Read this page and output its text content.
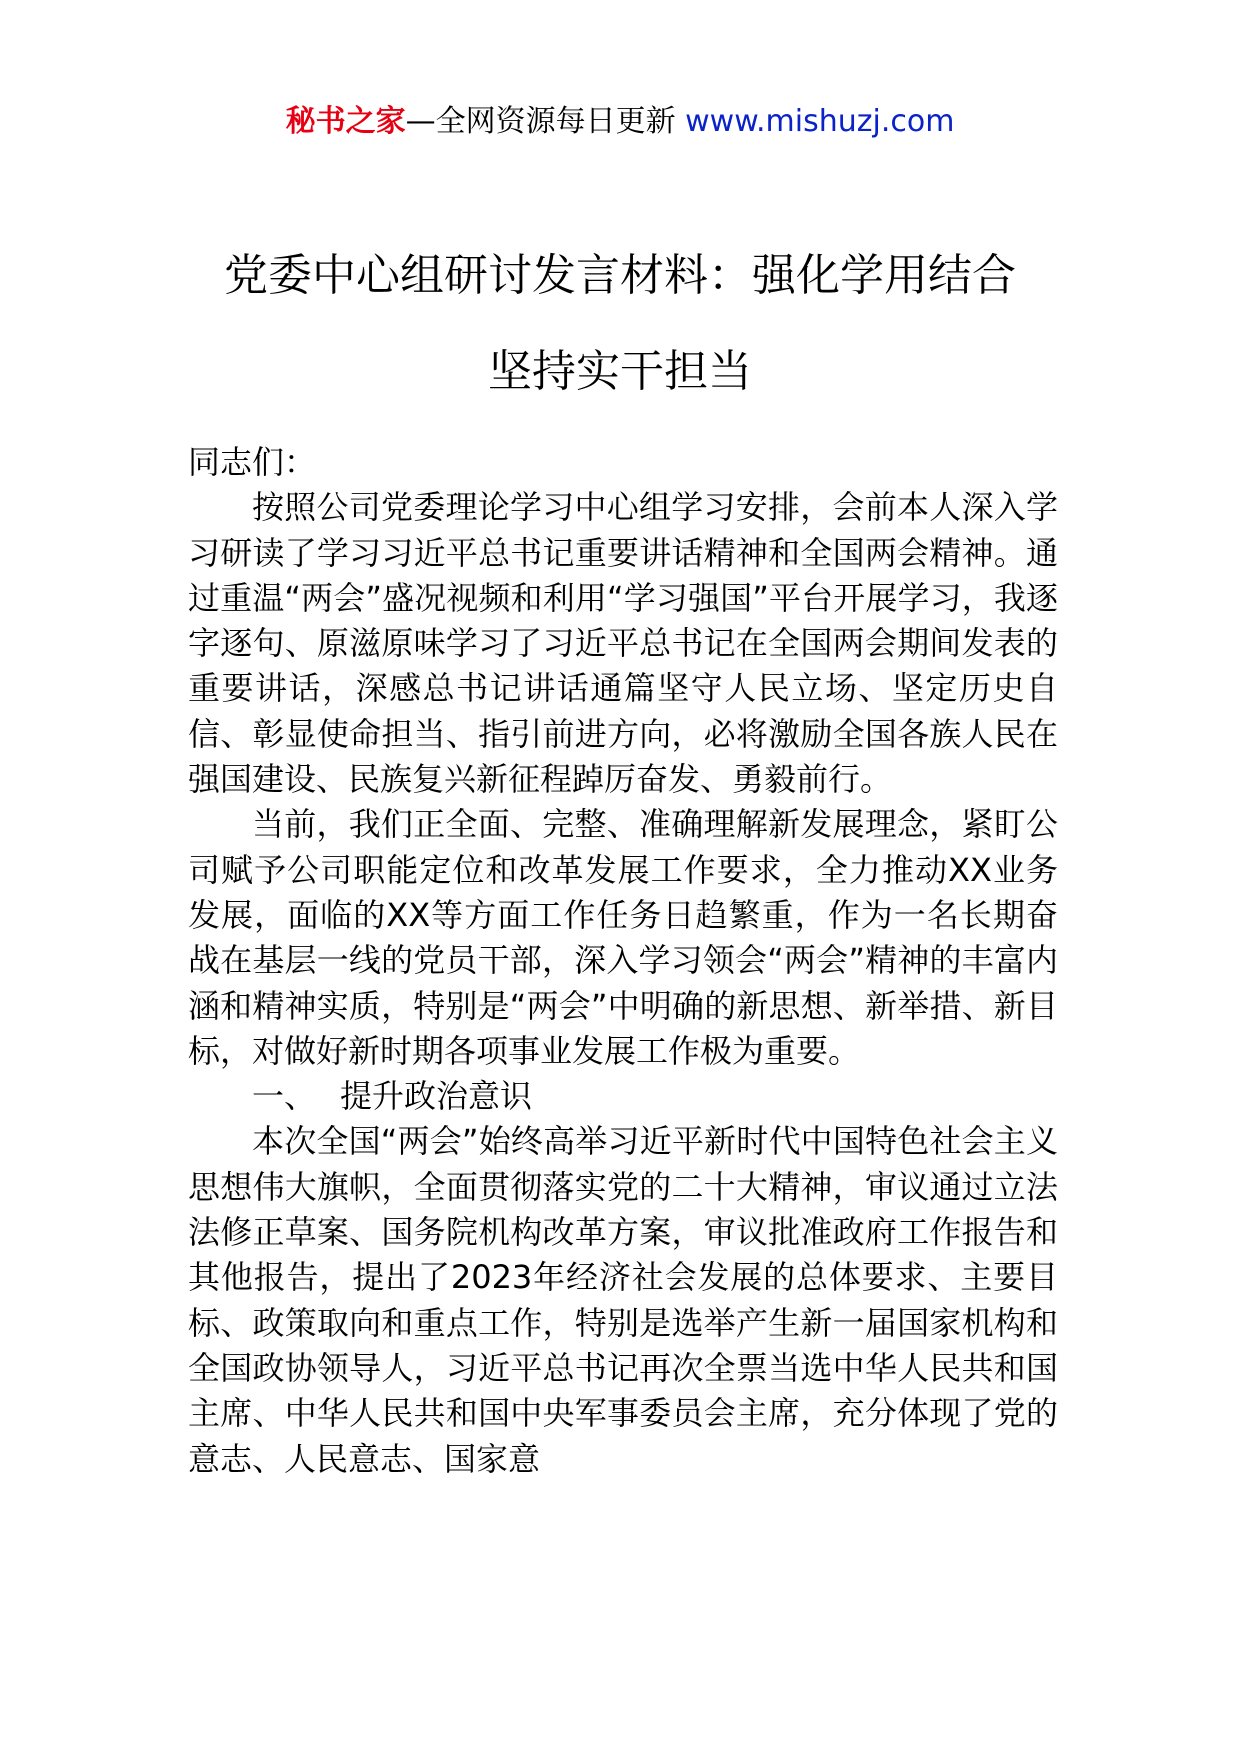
秘书之家—全网资源每日更新 www.mishuzj.com
党委中心组研讨发言材料：强化学用结合
坚持实干担当

同志们：

按照公司党委理论学习中心组学习安排，会前本人深入学习研读了学习习近平总书记重要讲话精神和全国两会精神。通过重温“两会”盛况视频和利用“学习强国”平台开展学习，我逐字逐句、原滋原味学习了习近平总书记在全国两会期间发表的重要讲话，深感总书记讲话通篇坚守人民立场、坚定历史自信、彰显使命担当、指引前进方向，必将激励全国各族人民在强国建设、民族复兴新征程踔厉奋发、勇毅前行。

当前，我们正全面、完整、准确理解新发展理念，紧盯公司赋予公司职能定位和改革发展工作要求，全力推动XX业务发展，面临的XX等方面工作任务日趋繁重，作为一名长期奋战在基层一线的党员干部，深入学习领会“两会”精神的丰富内涵和精神实质，特别是“两会”中明确的新思想、新举措、新目标，对做好新时期各项事业发展工作极为重要。

一、 提升政治意识

本次全国“两会”始终高举习近平新时代中国特色社会主义思想伟大旗帜，全面贯彻落实党的二十大精神，审议通过立法法修正草案、国务院机构改革方案，审议批准政府工作报告和其他报告，提出了2023年经济社会发展的总体要求、主要目标、政策取向和重点工作，特别是选举产生新一届国家机构和全国政协领导人，习近平总书记再次全票当选中华人民共和国主席、中华人民共和国中央军事委员会主席，充分体现了党的意志、人民意志、国家意
